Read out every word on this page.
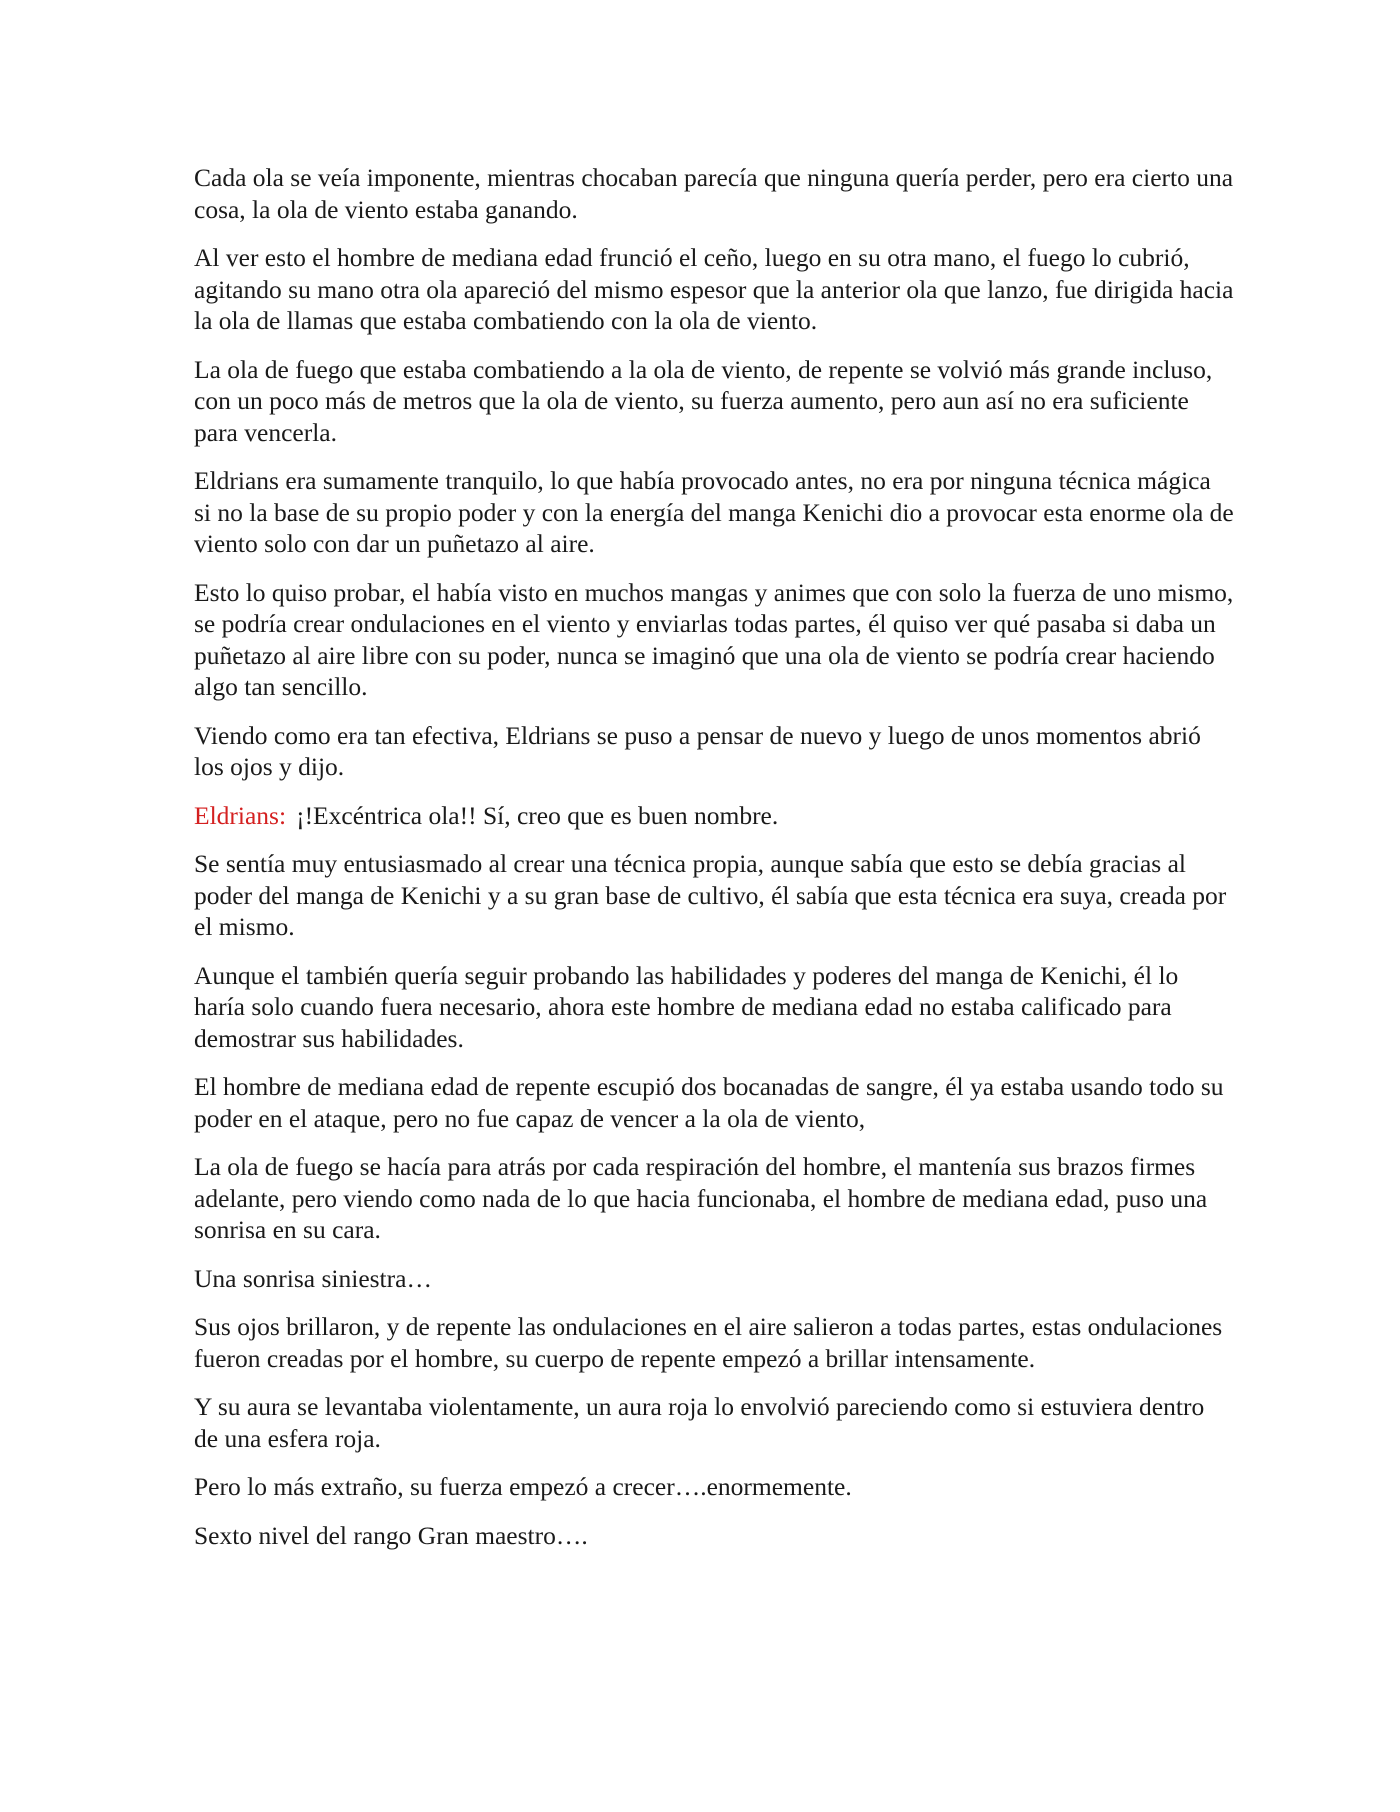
Cada ola se veía imponente, mientras chocaban parecía que ninguna quería perder, pero era cierto una cosa, la ola de viento estaba ganando.

Al ver esto el hombre de mediana edad frunció el ceño, luego en su otra mano, el fuego lo cubrió, agitando su mano otra ola apareció del mismo espesor que la anterior ola que lanzo, fue dirigida hacia la ola de llamas que estaba combatiendo con la ola de viento.

La ola de fuego que estaba combatiendo a la ola de viento, de repente se volvió más grande incluso, con un poco más de metros que la ola de viento, su fuerza aumento, pero aun así no era suficiente para vencerla.

Eldrians era sumamente tranquilo, lo que había provocado antes, no era por ninguna técnica mágica si no la base de su propio poder y con la energía del manga Kenichi dio a provocar esta enorme ola de viento solo con dar un puñetazo al aire.

Esto lo quiso probar, el había visto en muchos mangas y animes que con solo la fuerza de uno mismo, se podría crear ondulaciones en el viento y enviarlas todas partes, él quiso ver qué pasaba si daba un puñetazo al aire libre con su poder, nunca se imaginó que una ola de viento se podría crear haciendo algo tan sencillo.

Viendo como era tan efectiva, Eldrians se puso a pensar de nuevo y luego de unos momentos abrió los ojos y dijo.

Eldrians: ¡!Excéntrica ola!! Sí, creo que es buen nombre.

Se sentía muy entusiasmado al crear una técnica propia, aunque sabía que esto se debía gracias al poder del manga de Kenichi y a su gran base de cultivo, él sabía que esta técnica era suya, creada por el mismo.

Aunque el también quería seguir probando las habilidades y poderes del manga de Kenichi, él lo haría solo cuando fuera necesario, ahora este hombre de mediana edad no estaba calificado para demostrar sus habilidades.

El hombre de mediana edad de repente escupió dos bocanadas de sangre, él ya estaba usando todo su poder en el ataque, pero no fue capaz de vencer a la ola de viento,

La ola de fuego se hacía para atrás por cada respiración del hombre, el mantenía sus brazos firmes adelante, pero viendo como nada de lo que hacia funcionaba, el hombre de mediana edad, puso una sonrisa en su cara.

Una sonrisa siniestra…

Sus ojos brillaron, y de repente las ondulaciones en el aire salieron a todas partes, estas ondulaciones fueron creadas por el hombre, su cuerpo de repente empezó a brillar intensamente.

Y su aura se levantaba violentamente, un aura roja lo envolvió pareciendo como si estuviera dentro de una esfera roja.

Pero lo más extraño, su fuerza empezó a crecer….enormemente.

Sexto nivel del rango Gran maestro….
